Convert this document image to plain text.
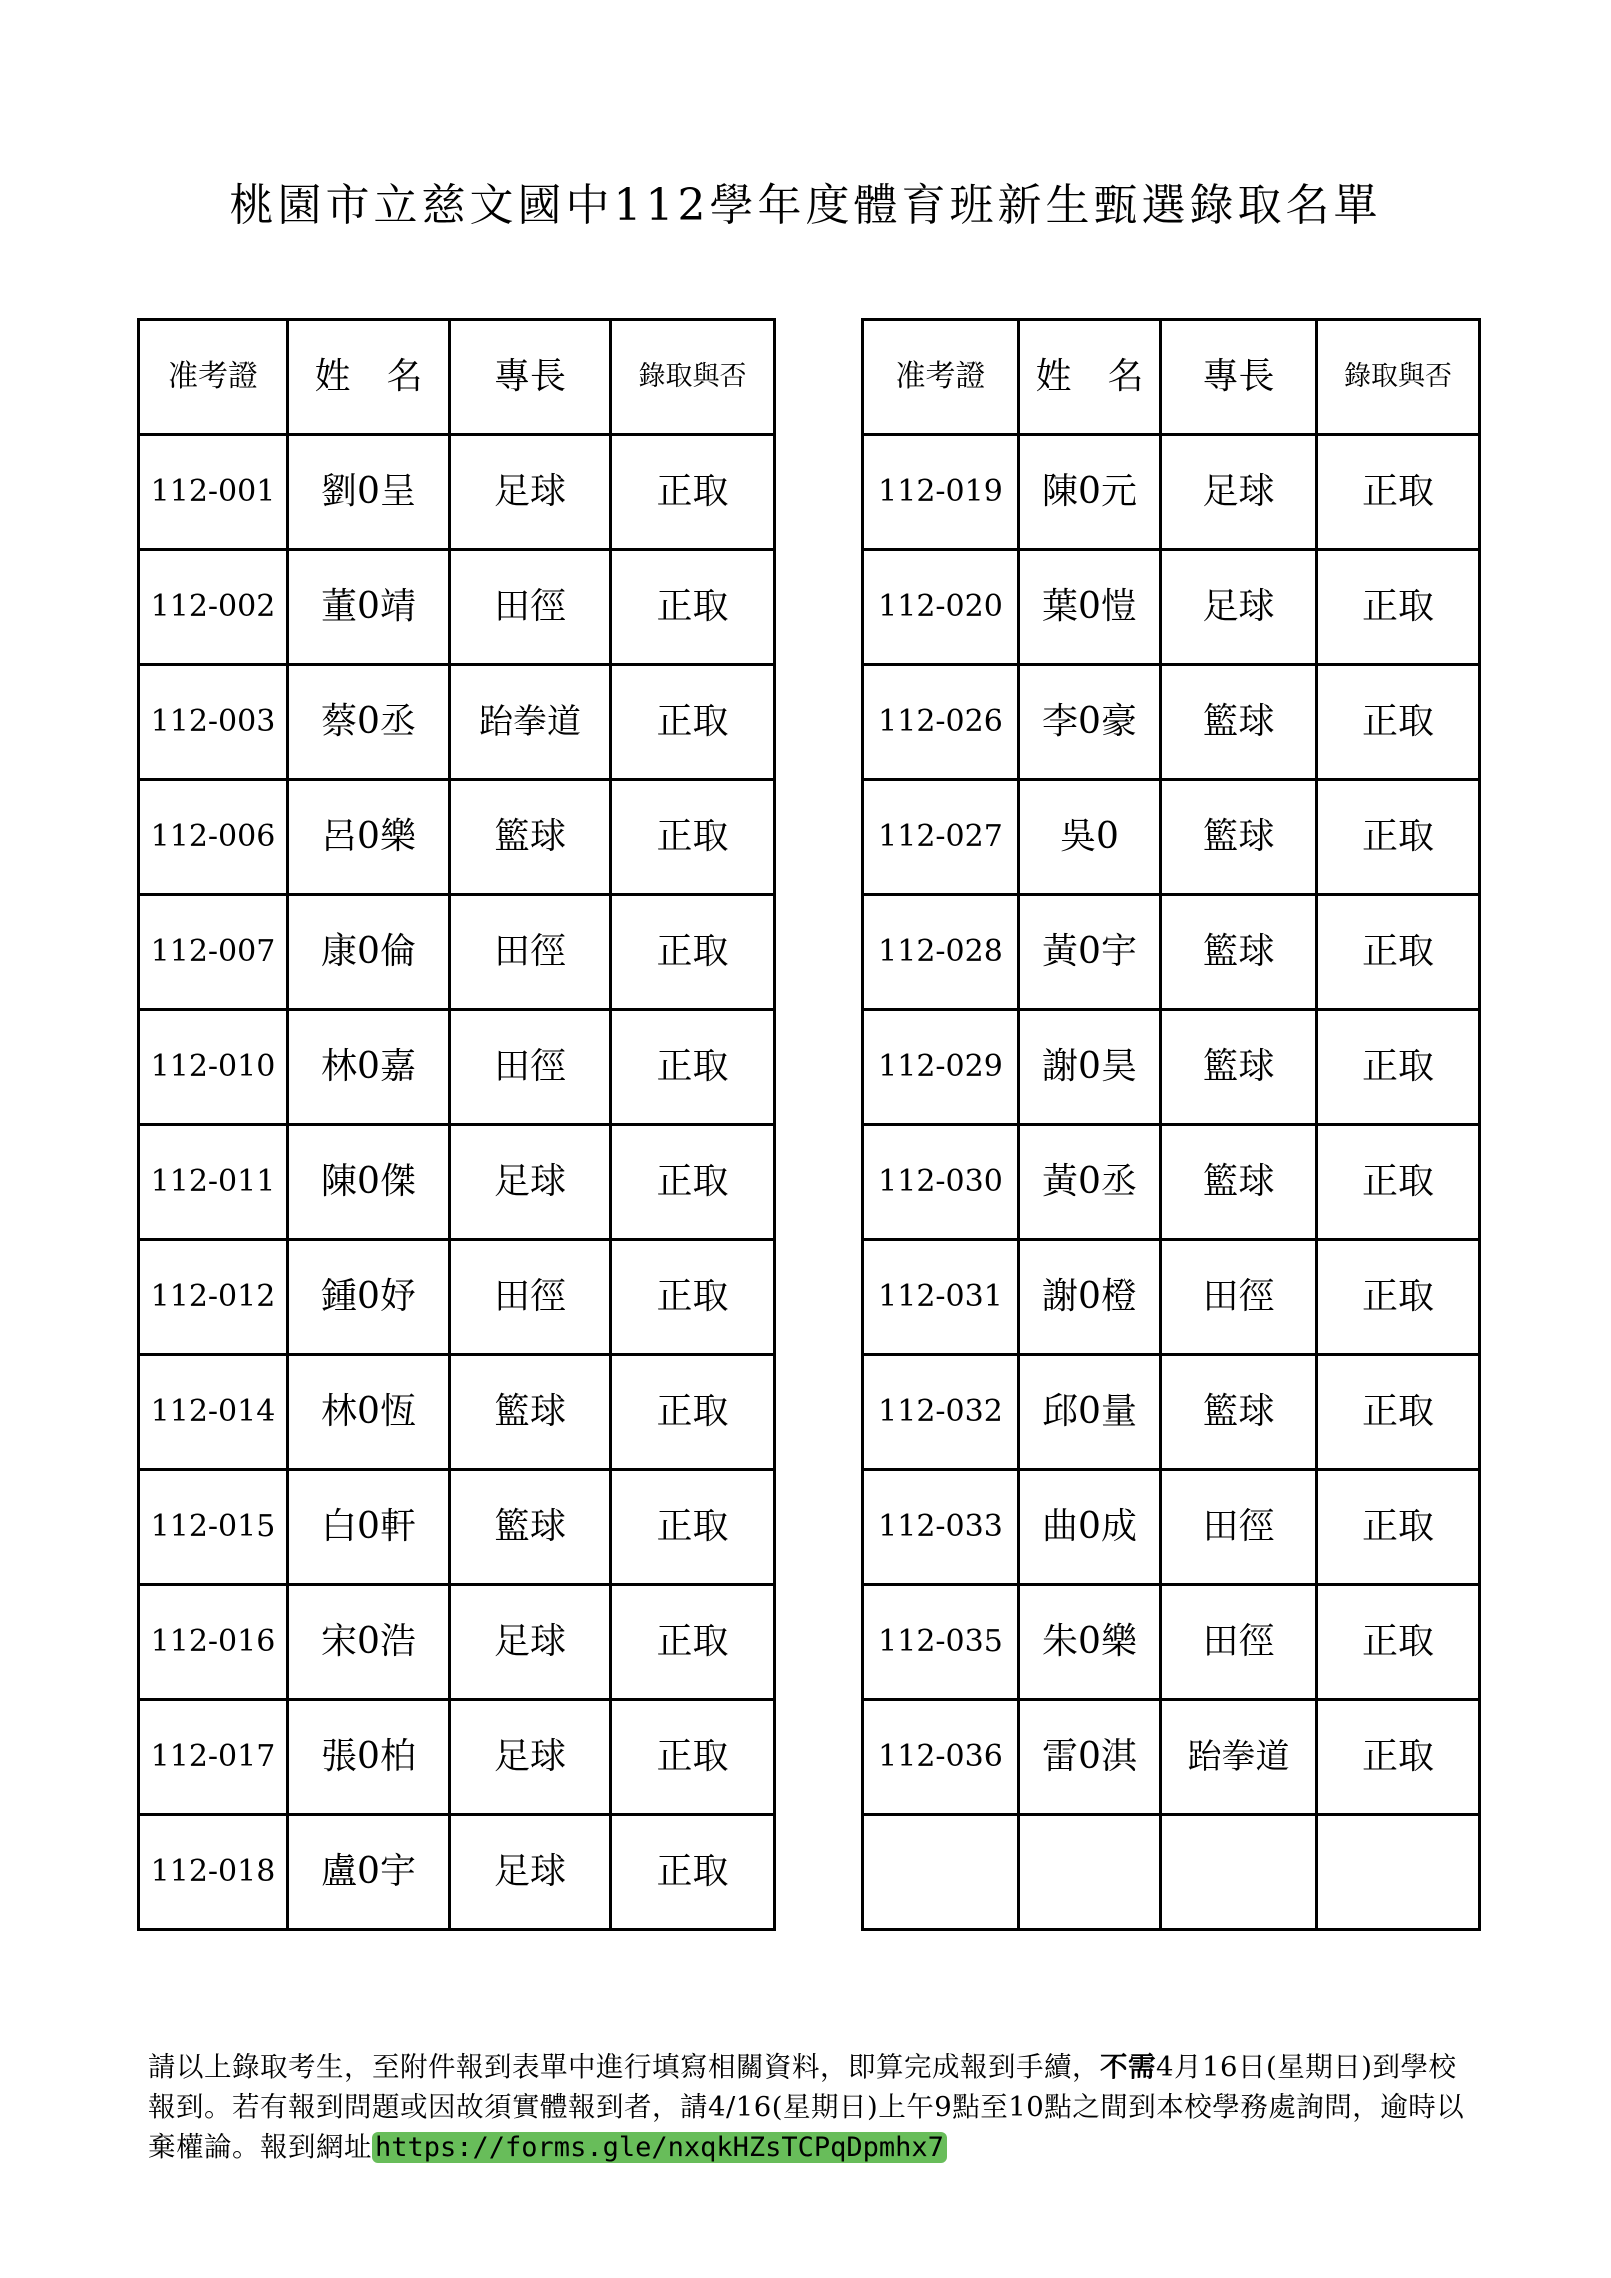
桃園市立慈文國中112學年度體育班新生甄選錄取名單
准考證	姓　名	專長	錄取與否
112-001	劉0呈	足球	正取
112-002	董0靖	田徑	正取
112-003	蔡0丞	跆拳道	正取
112-006	呂0樂	籃球	正取
112-007	康0倫	田徑	正取
112-010	林0嘉	田徑	正取
112-011	陳0傑	足球	正取
112-012	鍾0妤	田徑	正取
112-014	林0恆	籃球	正取
112-015	白0軒	籃球	正取
112-016	宋0浩	足球	正取
112-017	張0柏	足球	正取
112-018	盧0宇	足球	正取
准考證	姓　名	專長	錄取與否
112-019	陳0元	足球	正取
112-020	葉0愷	足球	正取
112-026	李0豪	籃球	正取
112-027	吳0	籃球	正取
112-028	黃0宇	籃球	正取
112-029	謝0昊	籃球	正取
112-030	黃0丞	籃球	正取
112-031	謝0橙	田徑	正取
112-032	邱0量	籃球	正取
112-033	曲0成	田徑	正取
112-035	朱0樂	田徑	正取
112-036	雷0淇	跆拳道	正取

請以上錄取考生，至附件報到表單中進行填寫相關資料，即算完成報到手續，不需4月16日(星期日)到學校報到。若有報到問題或因故須實體報到者，請4/16(星期日)上午9點至10點之間到本校學務處詢問，逾時以棄權論。報到網址 https://forms.gle/nxqkHZsTCPqDpmhx7
